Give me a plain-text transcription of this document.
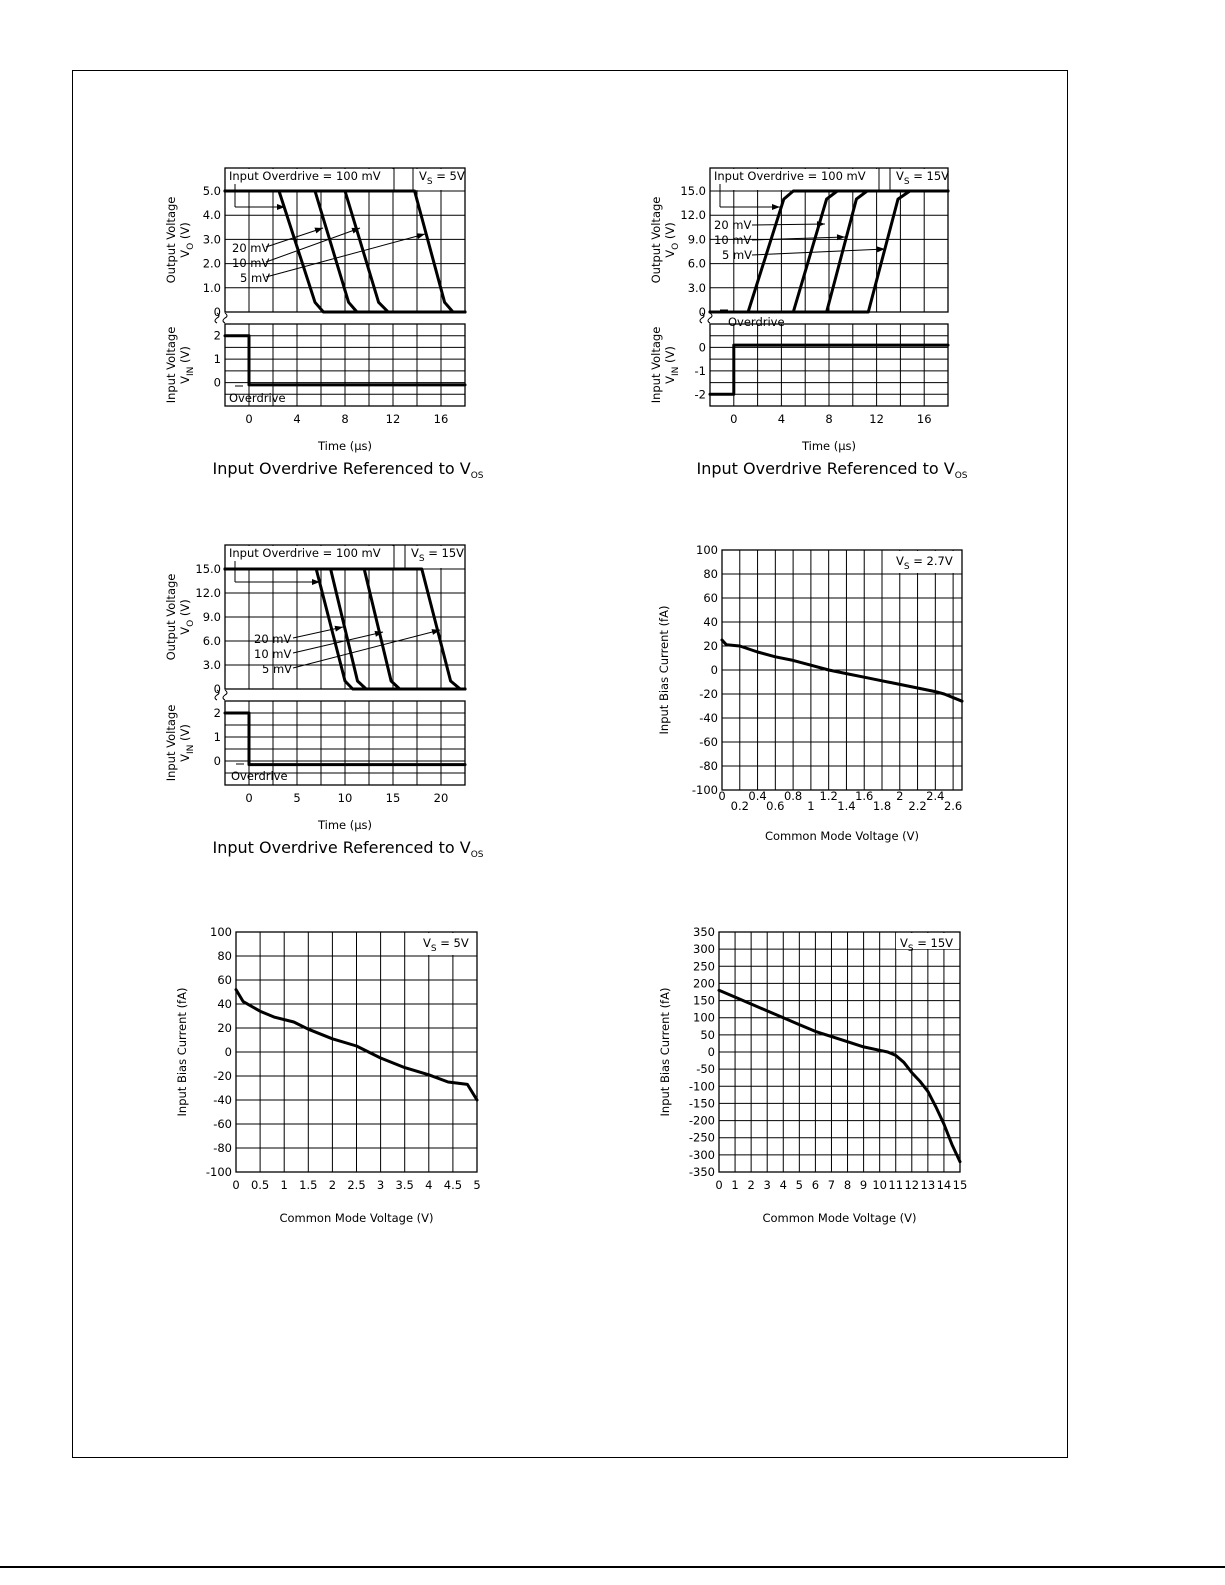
0	4	8	12	16
5.0
4.0
3.0
2.0
1.0
0
2
1
0
Time (μs)
Output Voltage $V_O$ (V)
Input Voltage $V_{IN}$ (V)
Input Overdrive = 100 mV	$V_S = 5V$
Input Overdrive Referenced to $V_{OS}$
Overdrive
20 mV
10 mV
5 mV
0	4	8	12	16
15.0
12.0
9.0
6.0
3.0
0
0
-1
-2
Time (μs)
Output Voltage $V_O$ (V)
Input Voltage $V_{IN}$ (V)
Input Overdrive = 100 mV	$V_S = 15V$
Input Overdrive Referenced to $V_{OS}$
Overdrive
20 mV
10 mV
5 mV
0	5	10	15	20
15.0
12.0
9.0
6.0
3.0
0
2
1
0
Time (μs)
Output Voltage $V_O$ (V)
Input Voltage $V_{IN}$ (V)
Input Overdrive = 100 mV	$V_S = 15V$
Input Overdrive Referenced to $V_{OS}$
Overdrive
20 mV
10 mV
5 mV
100
80
60
40
20
0
-20
-40
-60
-80
-100 0 0.4 0.8 1.2 1.6 2 2.4
0.2 0.6 1 1.4 1.8 2.2 2.6
Common Mode Voltage (V)
Input Bias Current (fA)
$V_S = 2.7V$
100
80
60
40
20
0
-20
-40
-60
-80
-100
0 0.5 1 1.5 2 2.5 3 3.5 4 4.5 5
Common Mode Voltage (V)
Input Bias Current (fA)
$V_S = 5V$
350
300
250
200
150
100
50
0
-50
-100
-150
-200
-250
-300
-350
0 1 2 3 4 5 6 7 8 9 10 11 12 13 14 15
Common Mode Voltage (V)
Input Bias Current (fA)
$V_S = 15V$
